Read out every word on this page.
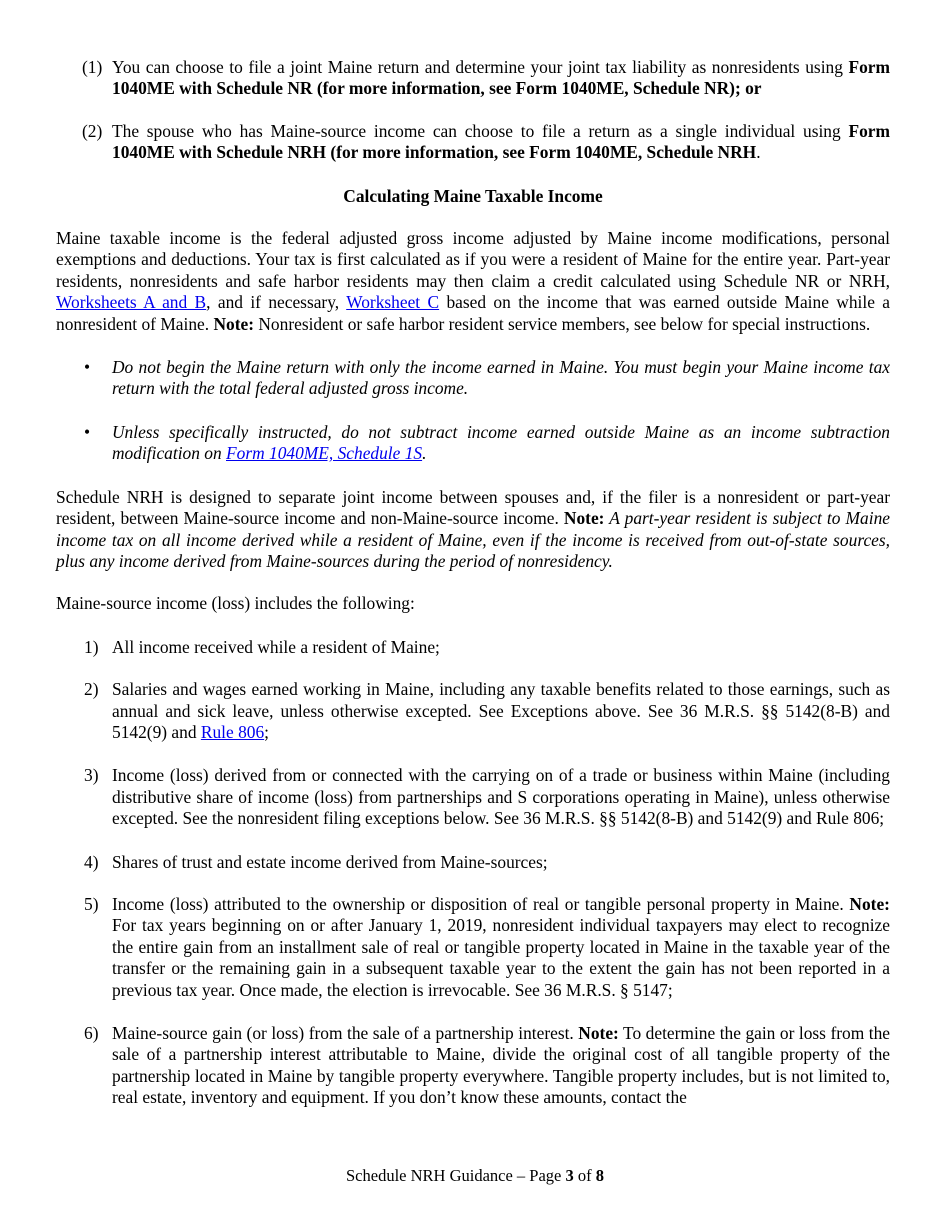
(1) You can choose to file a joint Maine return and determine your joint tax liability as nonresidents using Form 1040ME with Schedule NR (for more information, see Form 1040ME, Schedule NR); or
(2) The spouse who has Maine-source income can choose to file a return as a single individual using Form 1040ME with Schedule NRH (for more information, see Form 1040ME, Schedule NRH.

Calculating Maine Taxable Income

Maine taxable income is the federal adjusted gross income adjusted by Maine income modifications, personal exemptions and deductions. Your tax is first calculated as if you were a resident of Maine for the entire year. Part-year residents, nonresidents and safe harbor residents may then claim a credit calculated using Schedule NR or NRH, Worksheets A and B, and if necessary, Worksheet C based on the income that was earned outside Maine while a nonresident of Maine. Note: Nonresident or safe harbor resident service members, see below for special instructions.

• Do not begin the Maine return with only the income earned in Maine. You must begin your Maine income tax return with the total federal adjusted gross income.
• Unless specifically instructed, do not subtract income earned outside Maine as an income subtraction modification on Form 1040ME, Schedule 1S.

Schedule NRH is designed to separate joint income between spouses and, if the filer is a nonresident or part-year resident, between Maine-source income and non-Maine-source income. Note: A part-year resident is subject to Maine income tax on all income derived while a resident of Maine, even if the income is received from out-of-state sources, plus any income derived from Maine-sources during the period of nonresidency.

Maine-source income (loss) includes the following:

1) All income received while a resident of Maine;
2) Salaries and wages earned working in Maine, including any taxable benefits related to those earnings, such as annual and sick leave, unless otherwise excepted. See Exceptions above. See 36 M.R.S. §§ 5142(8-B) and 5142(9) and Rule 806;
3) Income (loss) derived from or connected with the carrying on of a trade or business within Maine (including distributive share of income (loss) from partnerships and S corporations operating in Maine), unless otherwise excepted. See the nonresident filing exceptions below. See 36 M.R.S. §§ 5142(8-B) and 5142(9) and Rule 806;
4) Shares of trust and estate income derived from Maine-sources;
5) Income (loss) attributed to the ownership or disposition of real or tangible personal property in Maine. Note: For tax years beginning on or after January 1, 2019, nonresident individual taxpayers may elect to recognize the entire gain from an installment sale of real or tangible property located in Maine in the taxable year of the transfer or the remaining gain in a subsequent taxable year to the extent the gain has not been reported in a previous tax year. Once made, the election is irrevocable. See 36 M.R.S. § 5147;
6) Maine-source gain (or loss) from the sale of a partnership interest. Note: To determine the gain or loss from the sale of a partnership interest attributable to Maine, divide the original cost of all tangible property of the partnership located in Maine by tangible property everywhere. Tangible property includes, but is not limited to, real estate, inventory and equipment. If you don’t know these amounts, contact the
Schedule NRH Guidance – Page 3 of 8
